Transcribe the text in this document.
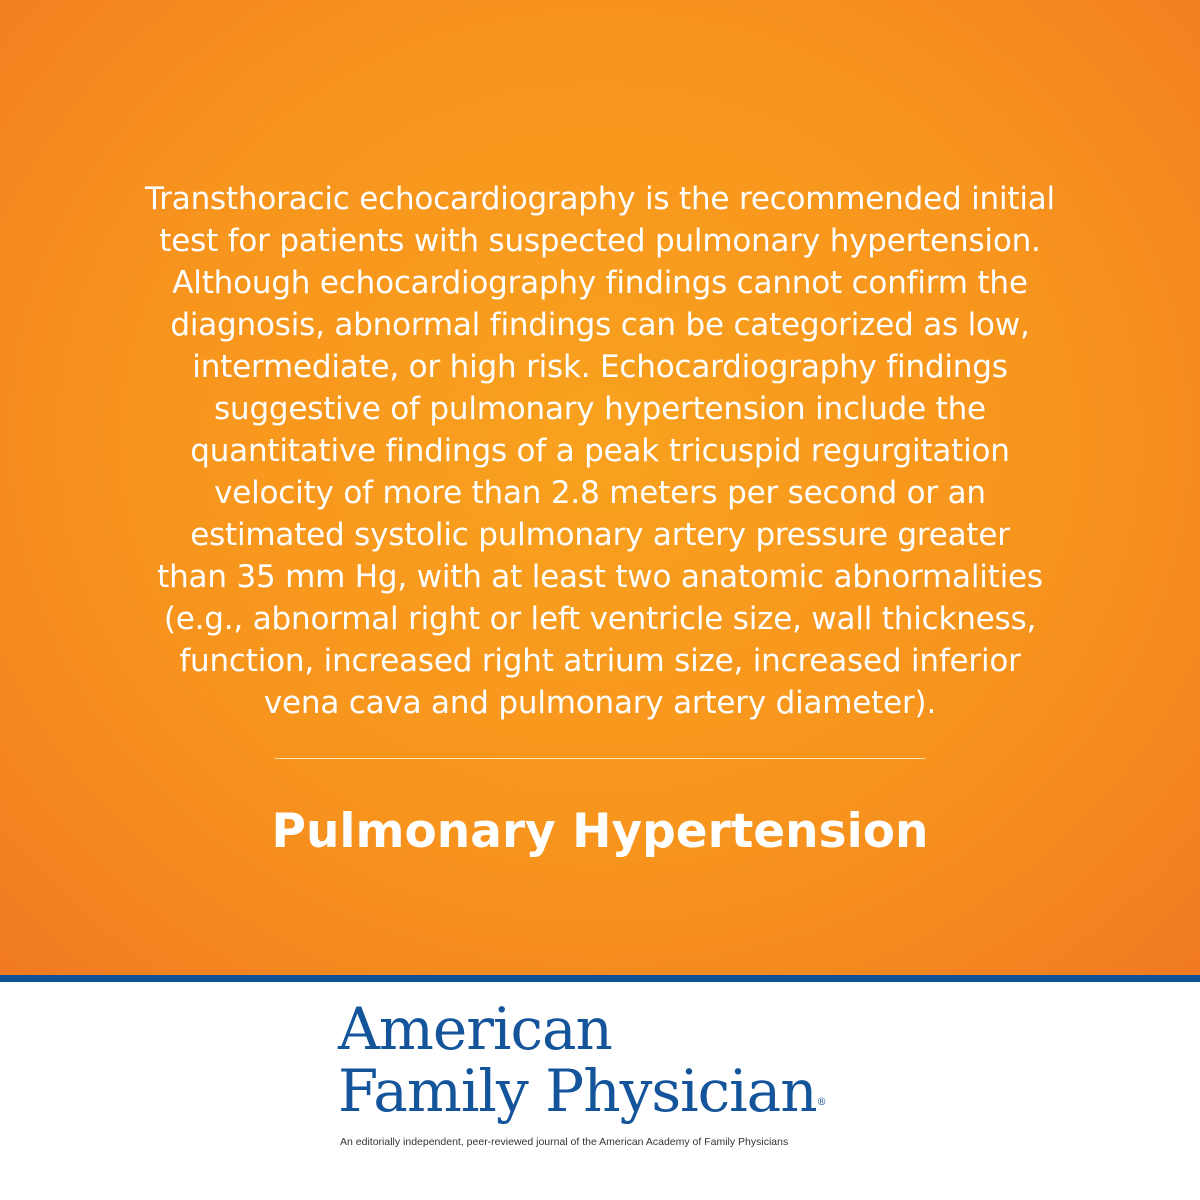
Transthoracic echocardiography is the recommended initial
test for patients with suspected pulmonary hypertension.
Although echocardiography findings cannot confirm the
diagnosis, abnormal findings can be categorized as low,
intermediate, or high risk. Echocardiography findings
suggestive of pulmonary hypertension include the
quantitative findings of a peak tricuspid regurgitation
velocity of more than 2.8 meters per second or an
estimated systolic pulmonary artery pressure greater
than 35 mm Hg, with at least two anatomic abnormalities
(e.g., abnormal right or left ventricle size, wall thickness,
function, increased right atrium size, increased inferior
vena cava and pulmonary artery diameter).
Pulmonary Hypertension
American
Family Physician®
An editorially independent, peer-reviewed journal of the American Academy of Family Physicians
